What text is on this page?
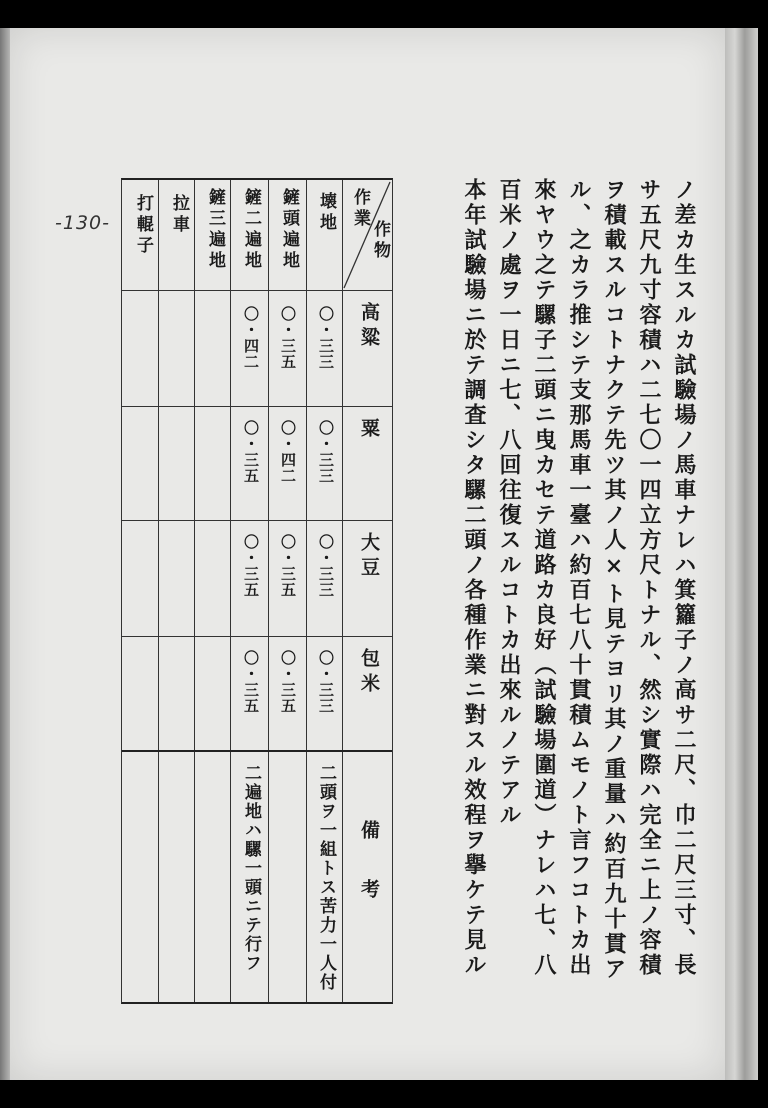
-130-	ノ差カ生スルカ試驗場ノ馬車ナレハ箕籮子ノ高サ二尺、巾二尺三寸、長
サ五尺九寸容積ハ二七〇一四立方尺トナル、然シ實際ハ完全ニ上ノ容積
ヲ積載スルコトナクテ先ツ其ノ人×ト見テヨリ其ノ重量ハ約百九十貫ア
ル、之カラ推シテ支那馬車一臺ハ約百七八十貫積ムモノト言フコトカ出
來ヤウ之テ騾子二頭ニ曳カセテ道路カ良好（試驗場圍道）ナレハ七、八
百米ノ處ヲ一日ニ七、八回往復スルコトカ出來ルノテアル
本年試驗場ニ於テ調査シタ騾二頭ノ各種作業ニ對スル效程ヲ擧ケテ見ル
作業
作物
高粱
粟
大豆
包米
備考
壊地
鏟頭遍地
鏟二遍地
鏟三遍地
拉車
打輥子
〇・三三
〇・三三
〇・三三
〇・三三
〇・三五
〇・四二
〇・三五
〇・三五
〇・四二
〇・三五
〇・三五
〇・三五
二頭ヲ一組トス苦力一人付
二遍地ハ騾一頭ニテ行フ
